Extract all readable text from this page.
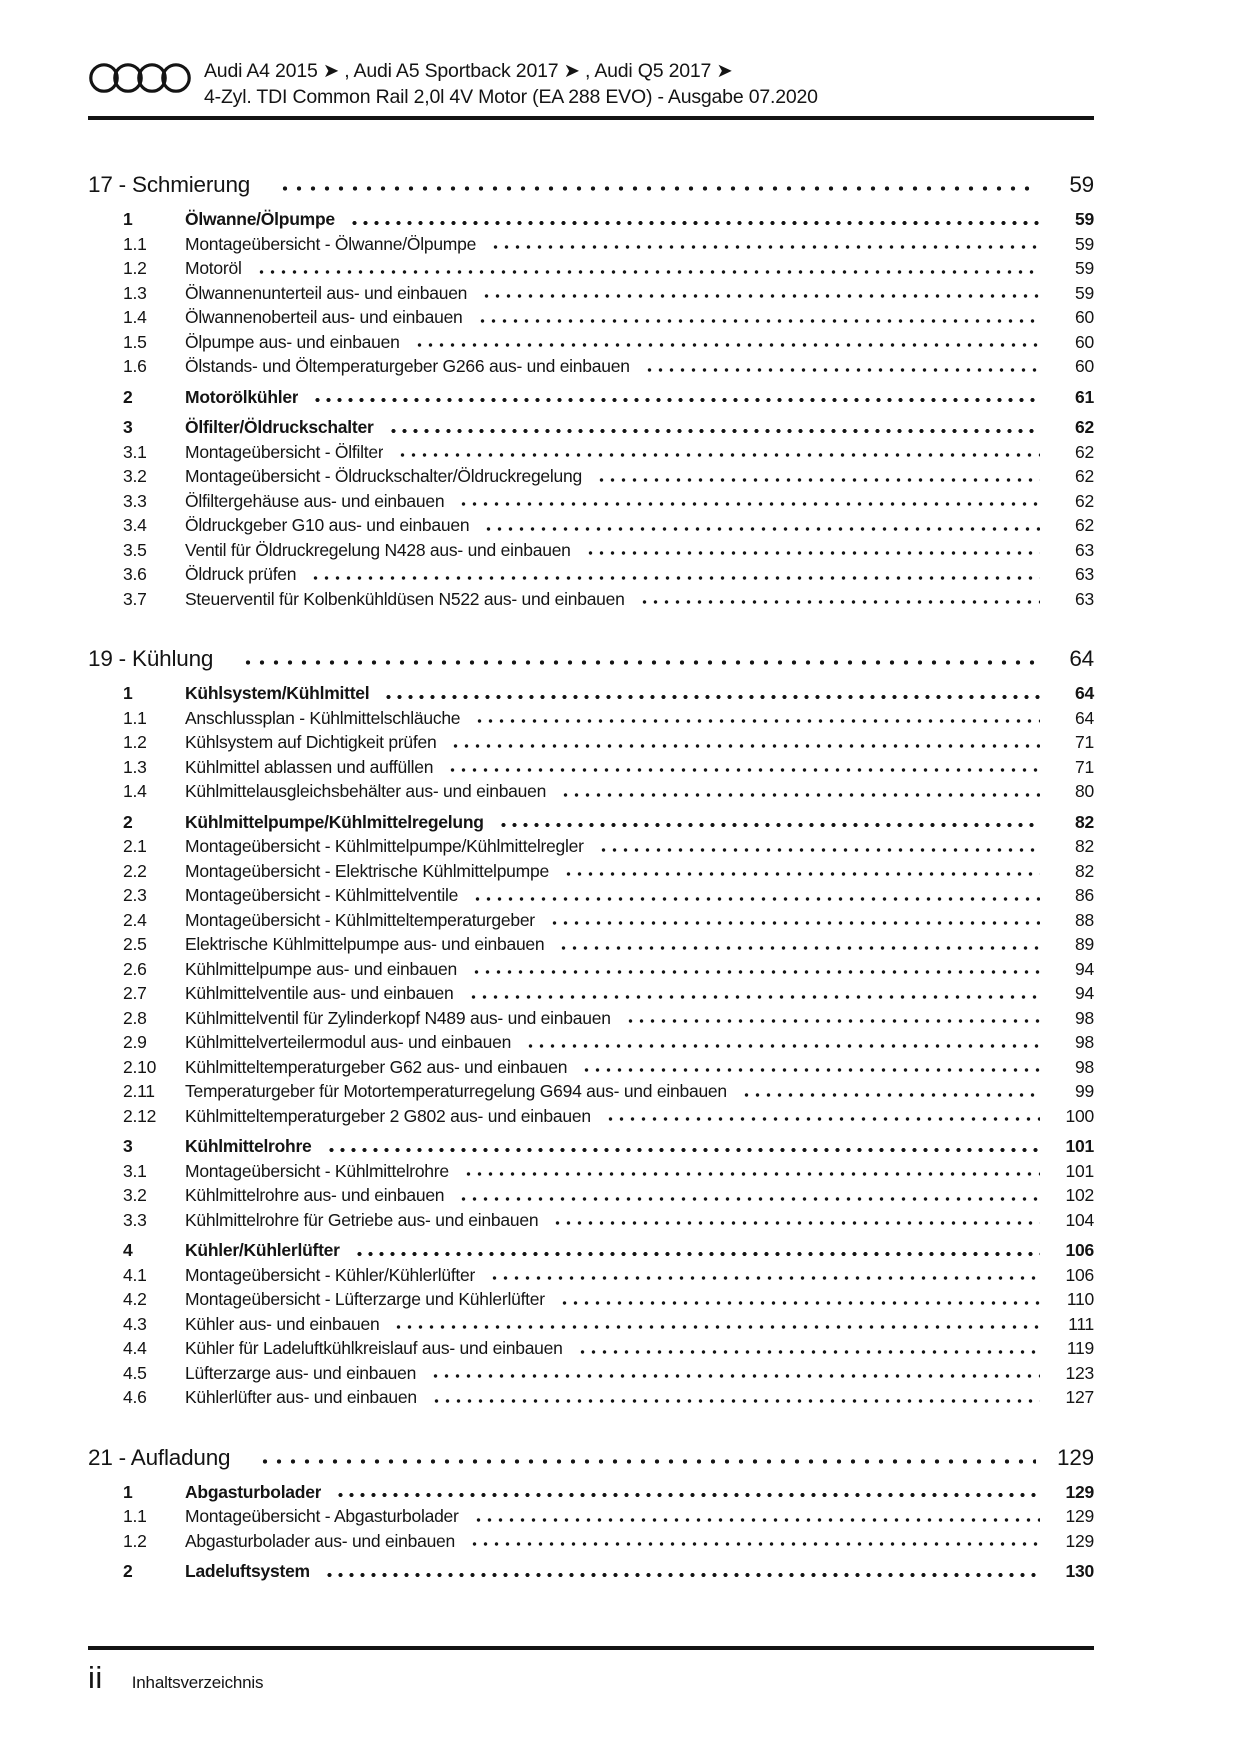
Audi A4 2015 ➤ , Audi A5 Sportback 2017 ➤ , Audi Q5 2017 ➤
4-Zyl. TDI Common Rail 2,0l 4V Motor (EA 288 EVO) - Ausgabe 07.2020
17 - Schmierung	59
1	Ölwanne/Ölpumpe	59
1.1	Montageübersicht - Ölwanne/Ölpumpe	59
1.2	Motoröl	59
1.3	Ölwannenunterteil aus- und einbauen	59
1.4	Ölwannenoberteil aus- und einbauen	60
1.5	Ölpumpe aus- und einbauen	60
1.6	Ölstands- und Öltemperaturgeber G266 aus- und einbauen	60
2	Motorölkühler	61
3	Ölfilter/Öldruckschalter	62
3.1	Montageübersicht - Ölfilter	62
3.2	Montageübersicht - Öldruckschalter/Öldruckregelung	62
3.3	Ölfiltergehäuse aus- und einbauen	62
3.4	Öldruckgeber G10 aus- und einbauen	62
3.5	Ventil für Öldruckregelung N428 aus- und einbauen	63
3.6	Öldruck prüfen	63
3.7	Steuerventil für Kolbenkühldüsen N522 aus- und einbauen	63
19 - Kühlung	64
1	Kühlsystem/Kühlmittel	64
1.1	Anschlussplan - Kühlmittelschläuche	64
1.2	Kühlsystem auf Dichtigkeit prüfen	71
1.3	Kühlmittel ablassen und auffüllen	71
1.4	Kühlmittelausgleichsbehälter aus- und einbauen	80
2	Kühlmittelpumpe/Kühlmittelregelung	82
2.1	Montageübersicht - Kühlmittelpumpe/Kühlmittelregler	82
2.2	Montageübersicht - Elektrische Kühlmittelpumpe	82
2.3	Montageübersicht - Kühlmittelventile	86
2.4	Montageübersicht - Kühlmitteltemperaturgeber	88
2.5	Elektrische Kühlmittelpumpe aus- und einbauen	89
2.6	Kühlmittelpumpe aus- und einbauen	94
2.7	Kühlmittelventile aus- und einbauen	94
2.8	Kühlmittelventil für Zylinderkopf N489 aus- und einbauen	98
2.9	Kühlmittelverteilermodul aus- und einbauen	98
2.10	Kühlmitteltemperaturgeber G62 aus- und einbauen	98
2.11	Temperaturgeber für Motortemperaturregelung G694 aus- und einbauen	99
2.12	Kühlmitteltemperaturgeber 2 G802 aus- und einbauen	100
3	Kühlmittelrohre	101
3.1	Montageübersicht - Kühlmittelrohre	101
3.2	Kühlmittelrohre aus- und einbauen	102
3.3	Kühlmittelrohre für Getriebe aus- und einbauen	104
4	Kühler/Kühlerlüfter	106
4.1	Montageübersicht - Kühler/Kühlerlüfter	106
4.2	Montageübersicht - Lüfterzarge und Kühlerlüfter	110
4.3	Kühler aus- und einbauen	111
4.4	Kühler für Ladeluftkühlkreislauf aus- und einbauen	119
4.5	Lüfterzarge aus- und einbauen	123
4.6	Kühlerlüfter aus- und einbauen	127
21 - Aufladung	129
1	Abgasturbolader	129
1.1	Montageübersicht - Abgasturbolader	129
1.2	Abgasturbolader aus- und einbauen	129
2	Ladeluftsystem	130
ii Inhaltsverzeichnis
